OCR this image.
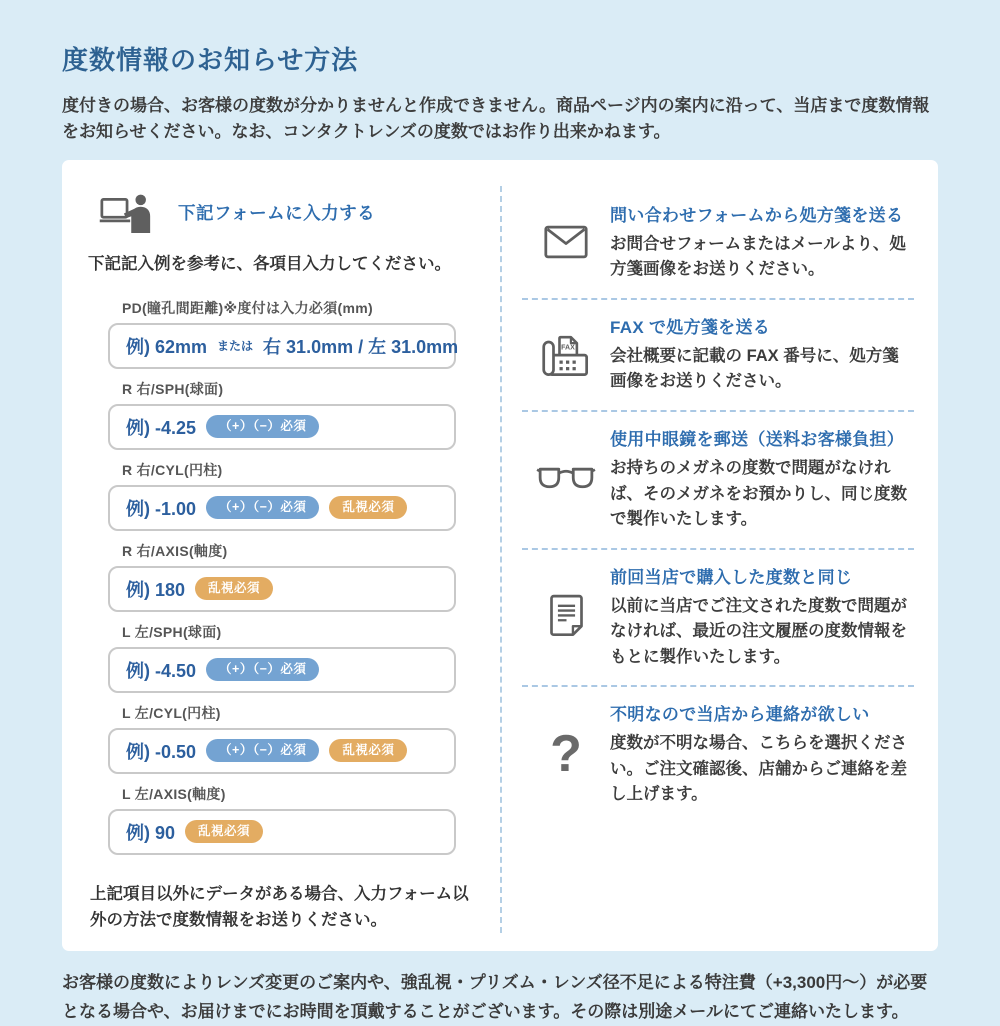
度数情報のお知らせ方法

度付きの場合、お客様の度数が分かりませんと作成できません。商品ページ内の案内に沿って、当店まで度数情報をお知らせください。なお、コンタクトレンズの度数ではお作り出来かねます。

下記フォームに入力する

下記記入例を参考に、各項目入力してください。

PD(瞳孔間距離)※度付は入力必須(mm)
例) 62mm または 右 31.0mm / 左 31.0mm
R 右/SPH(球面)
例) -4.25	（+）（−）必須
R 右/CYL(円柱)
例) -1.00	（+）（−）必須	乱視必須
R 右/AXIS(軸度)
例) 180	乱視必須
L 左/SPH(球面)
例) -4.50	（+）（−）必須
L 左/CYL(円柱)
例) -0.50	（+）（−）必須	乱視必須
L 左/AXIS(軸度)
例) 90	乱視必須

上記項目以外にデータがある場合、入力フォーム以外の方法で度数情報をお送りください。

問い合わせフォームから処方箋を送る
お問合せフォームまたはメールより、処方箋画像をお送りください。
FAX
FAX で処方箋を送る
会社概要に記載の FAX 番号に、処方箋画像をお送りください。
使用中眼鏡を郵送（送料お客様負担）
お持ちのメガネの度数で問題がなければ、そのメガネをお預かりし、同じ度数で製作いたします。
前回当店で購入した度数と同じ
以前に当店でご注文された度数で問題がなければ、最近の注文履歴の度数情報をもとに製作いたします。
?
不明なので当店から連絡が欲しい
度数が不明な場合、こちらを選択ください。ご注文確認後、店舗からご連絡を差し上げます。

お客様の度数によりレンズ変更のご案内や、強乱視・プリズム・レンズ径不足による特注費（+3,300円〜）が必要となる場合や、お届けまでにお時間を頂戴することがございます。その際は別途メールにてご連絡いたします。
